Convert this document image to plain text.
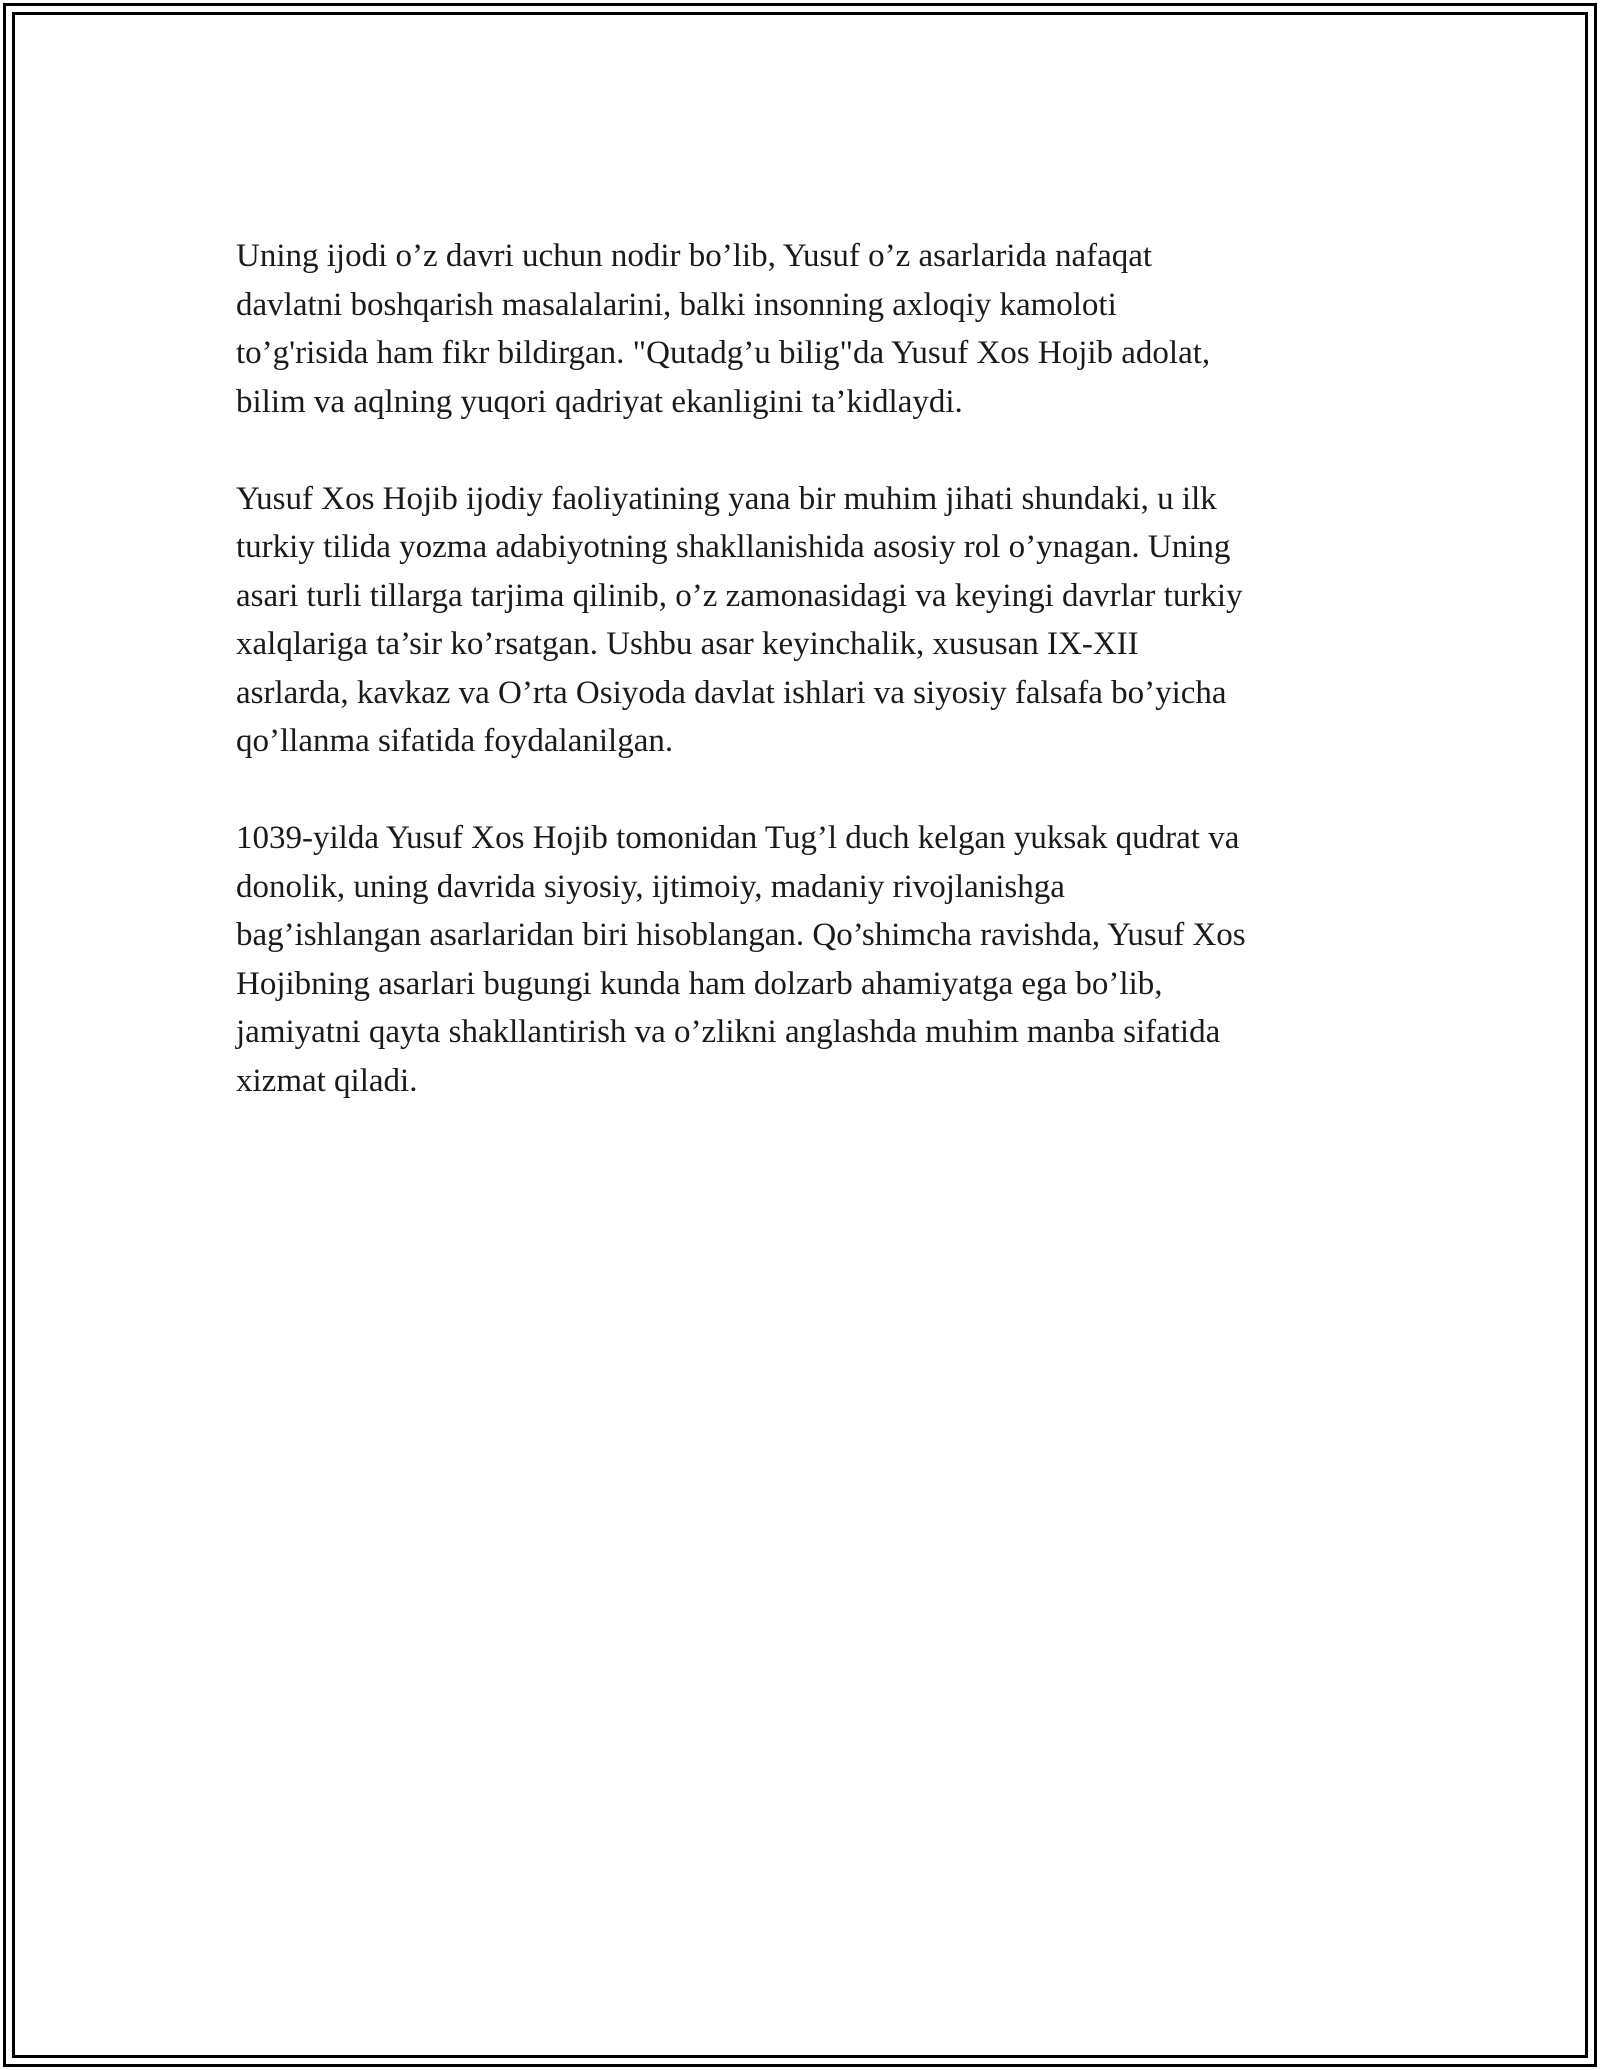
Uning ijodi o’z davri uchun nodir bo’lib, Yusuf o’z asarlarida nafaqat
davlatni boshqarish masalalarini, balki insonning axloqiy kamoloti
to’g'risida ham fikr bildirgan. "Qutadg’u bilig"da Yusuf Xos Hojib adolat,
bilim va aqlning yuqori qadriyat ekanligini ta’kidlaydi.

Yusuf Xos Hojib ijodiy faoliyatining yana bir muhim jihati shundaki, u ilk
turkiy tilida yozma adabiyotning shakllanishida asosiy rol o’ynagan. Uning
asari turli tillarga tarjima qilinib, o’z zamonasidagi va keyingi davrlar turkiy
xalqlariga ta’sir ko’rsatgan. Ushbu asar keyinchalik, xususan IX-XII
asrlarda, kavkaz va O’rta Osiyoda davlat ishlari va siyosiy falsafa bo’yicha
qo’llanma sifatida foydalanilgan.

1039-yilda Yusuf Xos Hojib tomonidan Tug’l duch kelgan yuksak qudrat va
donolik, uning davrida siyosiy, ijtimoiy, madaniy rivojlanishga
bag’ishlangan asarlaridan biri hisoblangan. Qo’shimcha ravishda, Yusuf Xos
Hojibning asarlari bugungi kunda ham dolzarb ahamiyatga ega bo’lib,
jamiyatni qayta shakllantirish va o’zlikni anglashda muhim manba sifatida
xizmat qiladi.
